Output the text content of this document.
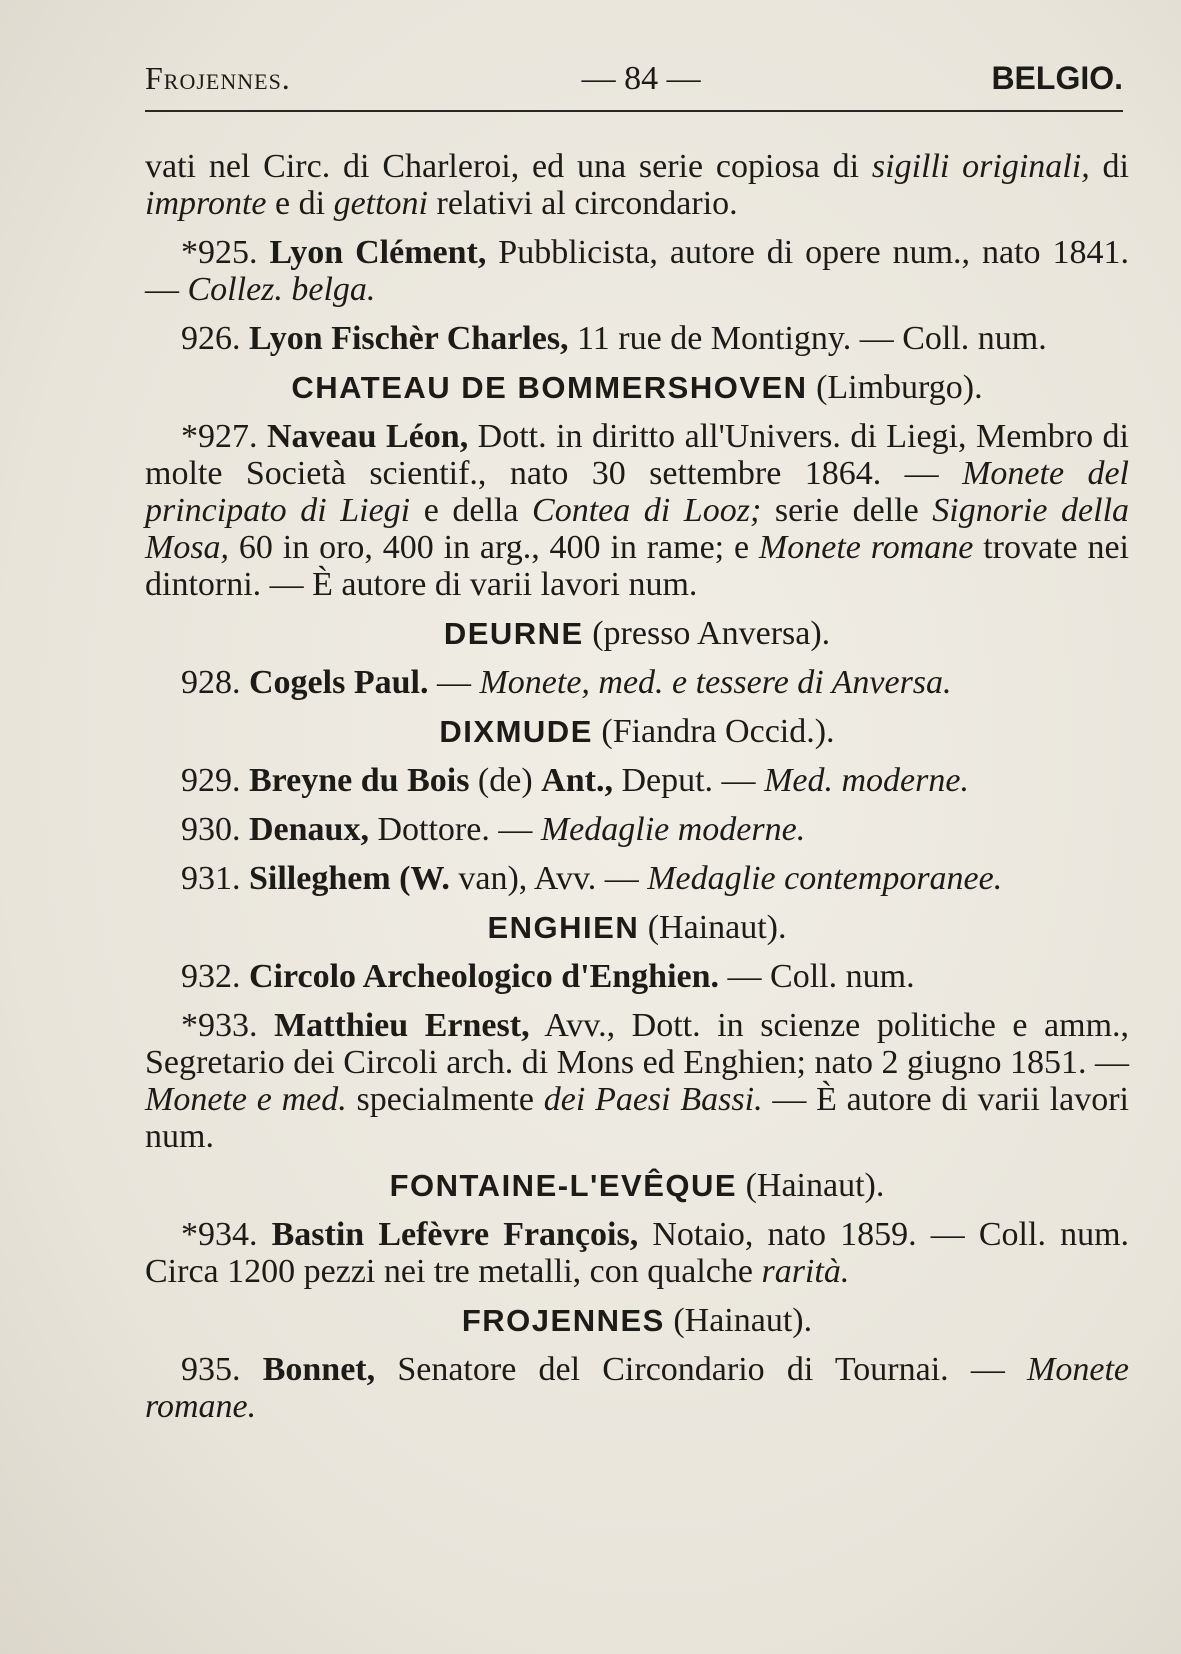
Frojennes.	— 84 —	BELGIO.

vati nel Circ. di Charleroi, ed una serie copiosa di sigilli originali, di impronte e di gettoni relativi al circondario.

*925. Lyon Clément, Pubblicista, autore di opere num., nato 1841. — Collez. belga.

926. Lyon Fischèr Charles, 11 rue de Montigny. — Coll. num.

CHATEAU DE BOMMERSHOVEN (Limburgo).

*927. Naveau Léon, Dott. in diritto all'Univers. di Liegi, Membro di molte Società scientif., nato 30 settembre 1864. — Monete del principato di Liegi e della Contea di Looz; serie delle Signorie della Mosa, 60 in oro, 400 in arg., 400 in rame; e Monete romane trovate nei dintorni. — È autore di varii lavori num.

DEURNE (presso Anversa).

928. Cogels Paul. — Monete, med. e tessere di Anversa.

DIXMUDE (Fiandra Occid.).

929. Breyne du Bois (de) Ant., Deput. — Med. moderne.

930. Denaux, Dottore. — Medaglie moderne.

931. Silleghem (W. van), Avv. — Medaglie contemporanee.

ENGHIEN (Hainaut).

932. Circolo Archeologico d'Enghien. — Coll. num.

*933. Matthieu Ernest, Avv., Dott. in scienze politiche e amm., Segretario dei Circoli arch. di Mons ed Enghien; nato 2 giugno 1851. — Monete e med. specialmente dei Paesi Bassi. — È autore di varii lavori num.

FONTAINE-L'EVÊQUE (Hainaut).

*934. Bastin Lefèvre François, Notaio, nato 1859. — Coll. num. Circa 1200 pezzi nei tre metalli, con qualche rarità.

FROJENNES (Hainaut).

935. Bonnet, Senatore del Circondario di Tournai. — Monete romane.
